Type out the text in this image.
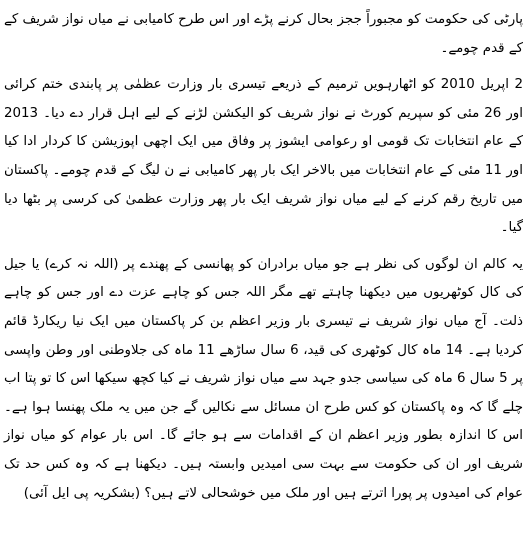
پارٹی کی حکومت کو مجبوراً ججز بحال کرنے پڑے اور اس طرح کامیابی نے میاں نواز شریف کے کے قدم چومے۔

2 اپریل 2010 کو اٹھارہویں ترمیم کے ذریعے تیسری بار وزارت عظمٰی پر پابندی ختم کرائی اور 26 مئی کو سپریم کورٹ نے نواز شریف کو الیکشن لڑنے کے لیے اہل قرار دے دیا۔ 2013 کے عام انتخابات تک قومی او رعوامی ایشوز پر وفاق میں ایک اچھی اپوزیشن کا کردار ادا کیا اور 11 مئی کے عام انتخابات میں بالاخر ایک بار پھر کامیابی نے ن لیگ کے قدم چومے۔ پاکستان میں تاریخ رقم کرنے کے لیے میاں نواز شریف ایک بار پھر وزارت عظمیٰ کی کرسی پر بٹھا دیا گیا۔

یہ کالم ان لوگوں کی نظر ہے جو میاں برادران کو پھانسی کے پھندے پر (اللہ نہ کرے) یا جیل کی کال کوٹھریوں میں دیکھنا چاہتے تھے مگر اللہ جس کو چاہے عزت دے اور جس کو چاہے ذلت۔ آج میاں نواز شریف نے تیسری بار وزیر اعظم بن کر پاکستان میں ایک نیا ریکارڈ قائم کردیا ہے۔ 14 ماہ کال کوٹھری کی قید، 6 سال ساڑھے 11 ماہ کی جلاوطنی اور وطن واپسی پر 5 سال 6 ماہ کی سیاسی جدو جہد سے میاں نواز شریف نے کیا کچھ سیکھا اس کا تو پتا اب چلے گا کہ وہ پاکستان کو کس طرح ان مسائل سے نکالیں گے جن میں یہ ملک پھنسا ہوا ہے۔ اس کا اندازہ بطور وزیر اعظم ان کے اقدامات سے ہو جائے گا۔ اس بار عوام کو میاں نواز شریف اور ان کی حکومت سے بہت سی امیدیں وابستہ ہیں۔ دیکھنا ہے کہ وہ کس حد تک عوام کی امیدوں پر پورا اترتے ہیں اور ملک میں خوشحالی لاتے ہیں؟ (بشکریہ پی ایل آئی)
